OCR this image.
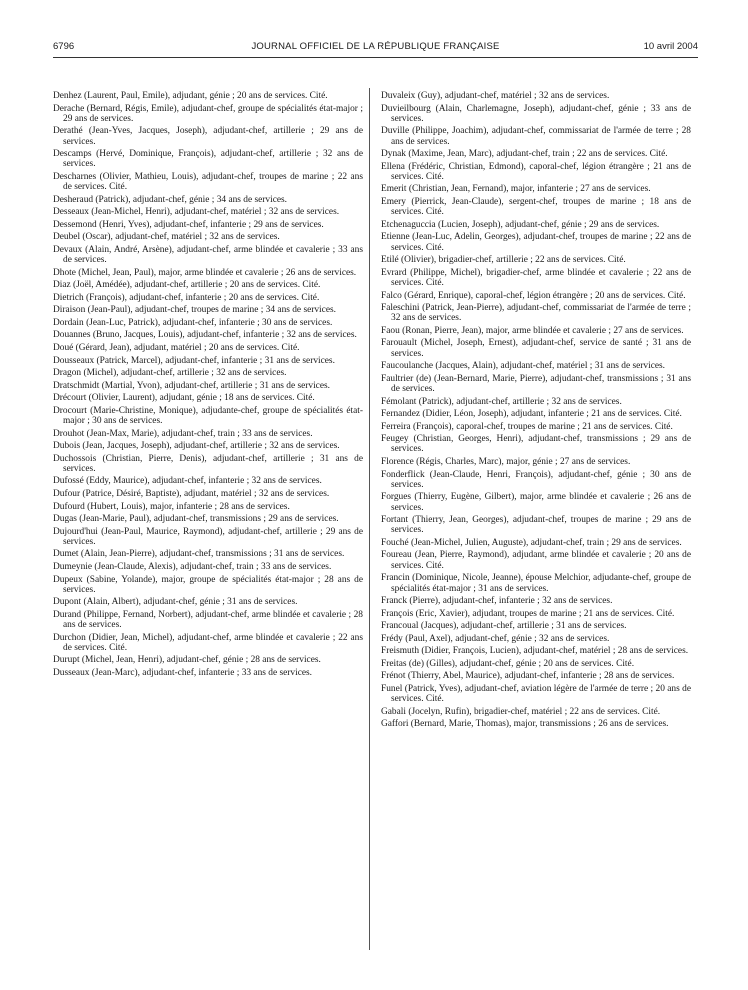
6796	JOURNAL OFFICIEL DE LA RÉPUBLIQUE FRANÇAISE	10 avril 2004

Denhez (Laurent, Paul, Emile), adjudant, génie ; 20 ans de services. Cité.

Derache (Bernard, Régis, Emile), adjudant-chef, groupe de spécialités état-major ; 29 ans de services.

Derathé (Jean-Yves, Jacques, Joseph), adjudant-chef, artillerie ; 29 ans de services.

Descamps (Hervé, Dominique, François), adjudant-chef, artillerie ; 32 ans de services.

Descharnes (Olivier, Mathieu, Louis), adjudant-chef, troupes de marine ; 22 ans de services. Cité.

Desheraud (Patrick), adjudant-chef, génie ; 34 ans de services.

Desseaux (Jean-Michel, Henri), adjudant-chef, matériel ; 32 ans de services.

Dessemond (Henri, Yves), adjudant-chef, infanterie ; 29 ans de services.

Deubel (Oscar), adjudant-chef, matériel ; 32 ans de services.

Devaux (Alain, André, Arsène), adjudant-chef, arme blindée et cavalerie ; 33 ans de services.

Dhote (Michel, Jean, Paul), major, arme blindée et cavalerie ; 26 ans de services.

Diaz (Joël, Amédée), adjudant-chef, artillerie ; 20 ans de services. Cité.

Dietrich (François), adjudant-chef, infanterie ; 20 ans de services. Cité.

Diraison (Jean-Paul), adjudant-chef, troupes de marine ; 34 ans de services.

Dordain (Jean-Luc, Patrick), adjudant-chef, infanterie ; 30 ans de services.

Douannes (Bruno, Jacques, Louis), adjudant-chef, infanterie ; 32 ans de services.

Doué (Gérard, Jean), adjudant, matériel ; 20 ans de services. Cité.

Dousseaux (Patrick, Marcel), adjudant-chef, infanterie ; 31 ans de services.

Dragon (Michel), adjudant-chef, artillerie ; 32 ans de services.

Dratschmidt (Martial, Yvon), adjudant-chef, artillerie ; 31 ans de services.

Drécourt (Olivier, Laurent), adjudant, génie ; 18 ans de services. Cité.

Drocourt (Marie-Christine, Monique), adjudante-chef, groupe de spécialités état-major ; 30 ans de services.

Drouhot (Jean-Max, Marie), adjudant-chef, train ; 33 ans de services.

Dubois (Jean, Jacques, Joseph), adjudant-chef, artillerie ; 32 ans de services.

Duchossois (Christian, Pierre, Denis), adjudant-chef, artillerie ; 31 ans de services.

Dufossé (Eddy, Maurice), adjudant-chef, infanterie ; 32 ans de services.

Dufour (Patrice, Désiré, Baptiste), adjudant, matériel ; 32 ans de services.

Dufourd (Hubert, Louis), major, infanterie ; 28 ans de services.

Dugas (Jean-Marie, Paul), adjudant-chef, transmissions ; 29 ans de services.

Dujourd'hui (Jean-Paul, Maurice, Raymond), adjudant-chef, artillerie ; 29 ans de services.

Dumet (Alain, Jean-Pierre), adjudant-chef, transmissions ; 31 ans de services.

Dumeynie (Jean-Claude, Alexis), adjudant-chef, train ; 33 ans de services.

Dupeux (Sabine, Yolande), major, groupe de spécialités état-major ; 28 ans de services.

Dupont (Alain, Albert), adjudant-chef, génie ; 31 ans de services.

Durand (Philippe, Fernand, Norbert), adjudant-chef, arme blindée et cavalerie ; 28 ans de services.

Durchon (Didier, Jean, Michel), adjudant-chef, arme blindée et cavalerie ; 22 ans de services. Cité.

Durupt (Michel, Jean, Henri), adjudant-chef, génie ; 28 ans de services.

Dusseaux (Jean-Marc), adjudant-chef, infanterie ; 33 ans de services.

Duvaleix (Guy), adjudant-chef, matériel ; 32 ans de services.

Duvieilbourg (Alain, Charlemagne, Joseph), adjudant-chef, génie ; 33 ans de services.

Duville (Philippe, Joachim), adjudant-chef, commissariat de l'armée de terre ; 28 ans de services.

Dynak (Maxime, Jean, Marc), adjudant-chef, train ; 22 ans de services. Cité.

Ellena (Frédéric, Christian, Edmond), caporal-chef, légion étrangère ; 21 ans de services. Cité.

Emerit (Christian, Jean, Fernand), major, infanterie ; 27 ans de services.

Emery (Pierrick, Jean-Claude), sergent-chef, troupes de marine ; 18 ans de services. Cité.

Etchenaguccia (Lucien, Joseph), adjudant-chef, génie ; 29 ans de services.

Etienne (Jean-Luc, Adelin, Georges), adjudant-chef, troupes de marine ; 22 ans de services. Cité.

Etilé (Olivier), brigadier-chef, artillerie ; 22 ans de services. Cité.

Evrard (Philippe, Michel), brigadier-chef, arme blindée et cavalerie ; 22 ans de services. Cité.

Falco (Gérard, Enrique), caporal-chef, légion étrangère ; 20 ans de services. Cité.

Faleschini (Patrick, Jean-Pierre), adjudant-chef, commissariat de l'armée de terre ; 32 ans de services.

Faou (Ronan, Pierre, Jean), major, arme blindée et cavalerie ; 27 ans de services.

Farouault (Michel, Joseph, Ernest), adjudant-chef, service de santé ; 31 ans de services.

Faucoulanche (Jacques, Alain), adjudant-chef, matériel ; 31 ans de services.

Faultrier (de) (Jean-Bernard, Marie, Pierre), adjudant-chef, transmissions ; 31 ans de services.

Fémolant (Patrick), adjudant-chef, artillerie ; 32 ans de services.

Fernandez (Didier, Léon, Joseph), adjudant, infanterie ; 21 ans de services. Cité.

Ferreira (François), caporal-chef, troupes de marine ; 21 ans de services. Cité.

Feugey (Christian, Georges, Henri), adjudant-chef, transmissions ; 29 ans de services.

Florence (Régis, Charles, Marc), major, génie ; 27 ans de services.

Fonderflick (Jean-Claude, Henri, François), adjudant-chef, génie ; 30 ans de services.

Forgues (Thierry, Eugène, Gilbert), major, arme blindée et cavalerie ; 26 ans de services.

Fortant (Thierry, Jean, Georges), adjudant-chef, troupes de marine ; 29 ans de services.

Fouché (Jean-Michel, Julien, Auguste), adjudant-chef, train ; 29 ans de services.

Foureau (Jean, Pierre, Raymond), adjudant, arme blindée et cavalerie ; 20 ans de services. Cité.

Francin (Dominique, Nicole, Jeanne), épouse Melchior, adjudante-chef, groupe de spécialités état-major ; 31 ans de services.

Franck (Pierre), adjudant-chef, infanterie ; 32 ans de services.

François (Eric, Xavier), adjudant, troupes de marine ; 21 ans de services. Cité.

Francoual (Jacques), adjudant-chef, artillerie ; 31 ans de services.

Frédy (Paul, Axel), adjudant-chef, génie ; 32 ans de services.

Freismuth (Didier, François, Lucien), adjudant-chef, matériel ; 28 ans de services.

Freitas (de) (Gilles), adjudant-chef, génie ; 20 ans de services. Cité.

Frénot (Thierry, Abel, Maurice), adjudant-chef, infanterie ; 28 ans de services.

Funel (Patrick, Yves), adjudant-chef, aviation légère de l'armée de terre ; 20 ans de services. Cité.

Gabali (Jocelyn, Rufin), brigadier-chef, matériel ; 22 ans de services. Cité.

Gaffori (Bernard, Marie, Thomas), major, transmissions ; 26 ans de services.
